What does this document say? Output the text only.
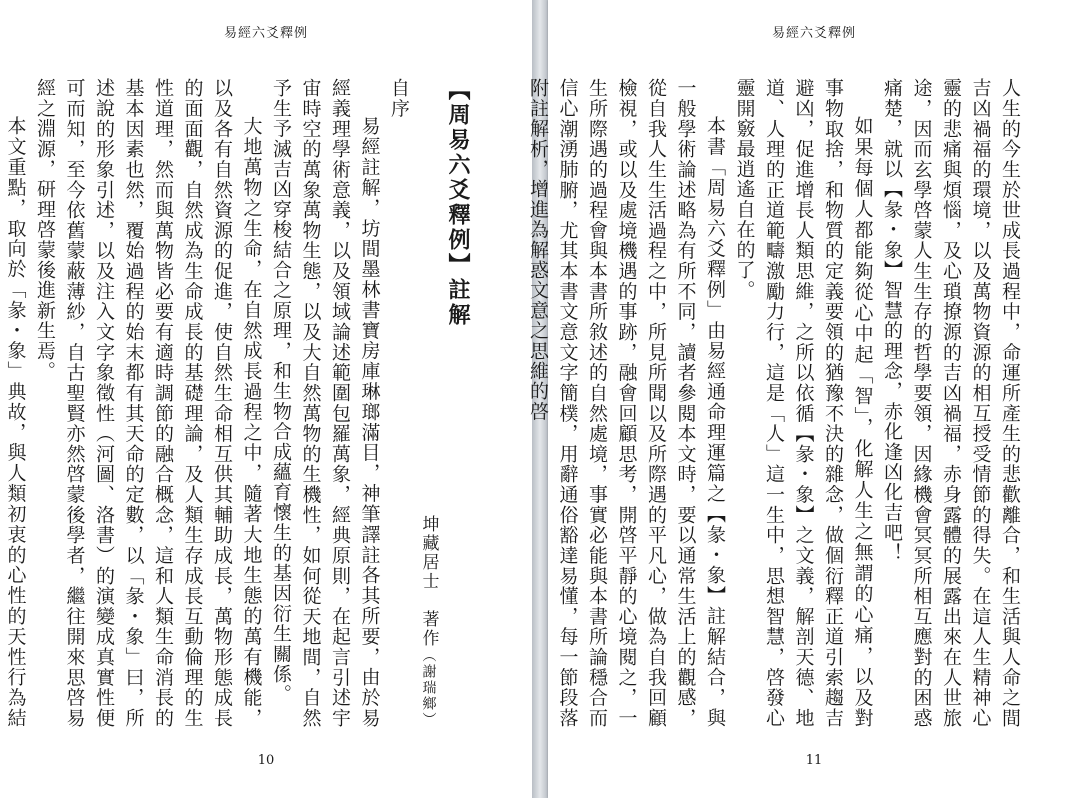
易經六爻釋例

【周易六爻釋例】註解

坤藏居士　著作（謝瑞鄉）

自序

易經註解，坊間墨林書寶房庫琳瑯滿目，神筆譯註各其所要，由於易經義理學術意義，以及領域論述範圍包羅萬象，經典原則，在起言引述宇宙時空的萬象萬物生態，以及大自然萬物的生機性，如何從天地間，自然予生予滅吉凶穿梭結合之原理，和生物合成蘊育懷生的基因衍生關係。

大地萬物之生命，在自然成長過程之中，隨著大地生態的萬有機能，以及各有自然資源的促進，使自然生命相互供其輔助成長，萬物形態成長的面面觀，自然成為生命成長的基礎理論，及人類生存成長互動倫理的生性道理，然而與萬物皆必要有適時調節的融合概念，這和人類生命消長的基本因素也然，覆始過程的始末都有其天命的定數，以「彖・象」曰，所述說的形象引述，以及注入文字象徵性（河圖、洛書）的演變成真實性便可而知，至今依舊蒙蔽薄紗，自古聖賢亦然啓蒙後學者，繼往開來思啓易經之淵源，研理啓蒙後進新生焉。

本文重點，取向於「彖・象」典故，與人類初衷的心性的天性行為結

10
易經六爻釋例

人生的今生於世成長過程中，命運所產生的悲歡離合，和生活與人命之間吉凶禍福的環境，以及萬物資源的相互授受情節的得失。在這人生精神心靈的悲痛與煩惱，及心瑣撩源的吉凶禍福，赤身露體的展露出來在人世旅途，因而玄學啓蒙人生生存的哲學要領，因緣機會冥冥所相互應對的困惑痛楚，就以【彖・象】智慧的理念，赤化逢凶化吉吧！

如果每個人都能夠從心中起「智」，化解人生之無謂的心痛，以及對事物取捨，和物質的定義要領的猶豫不決的雜念，做個衍釋正道引索趨吉避凶，促進增長人類思維，之所以依循【彖・象】之文義，解剖天德、地道、人理的正道範疇激勵力行，這是「人」這一生中，思想智慧，啓發心靈開竅最逍遙自在的了。

本書「周易六爻釋例」由易經通命理運篇之【彖・象】註解結合，與一般學術論述略為有所不同，讀者參閱本文時，要以通常生活上的觀感，從自我人生生活過程之中，所見所聞以及所際遇的平凡心，做為自我回顧檢視，或以及處境機遇的事跡，融會回顧思考，開啓平靜的心境閱之，一生所際遇的過程會與本書所敘述的自然處境，事實必能與本書所論穩合而信心潮湧肺腑，尤其本書文意文字簡樸，用辭通俗豁達易懂，每一節段落附註解析，增進為解惑文意之思維的啓

11
